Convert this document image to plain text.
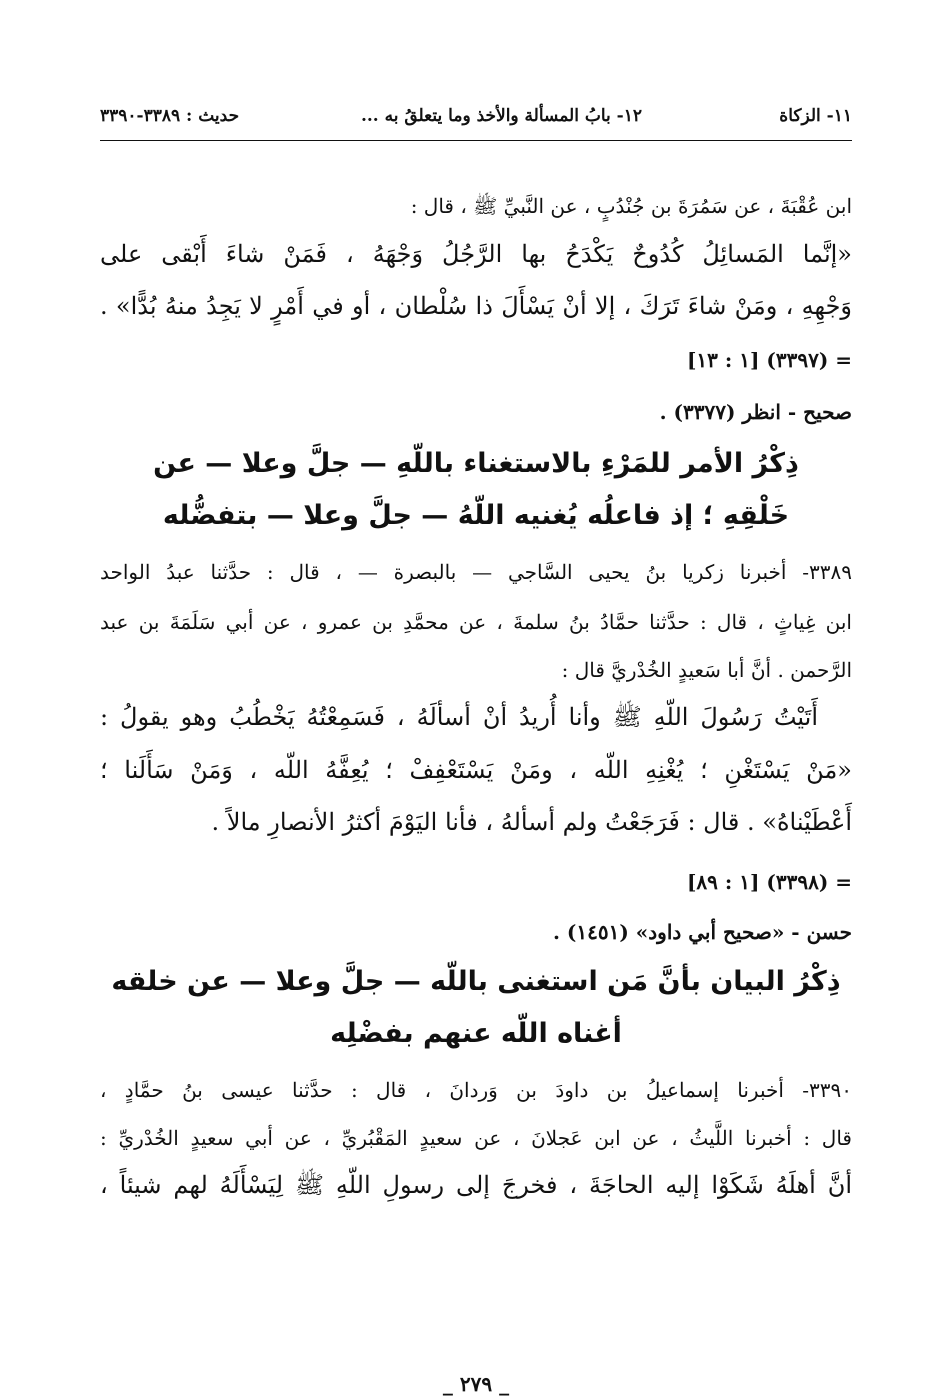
١١- الزكاة
١٢- بابُ المسألة والأخذ وما يتعلقُ به ...
حديث : ٣٣٨٩-٣٣٩٠
ابن عُقْبَةَ ، عن سَمُرَةَ بن جُنْدُبٍ ، عن النَّبيِّ ﷺ ، قال :
«إنَّما المَسائِلُ كُدُوحٌ يَكْدَحُ بها الرَّجُلُ وَجْهَهُ ، فَمَنْ شاءَ أَبْقى على
وَجْهِهِ ، ومَنْ شاءَ تَرَكَ ، إلا أنْ يَسْأَلَ ذا سُلْطان ، أو في أَمْرٍ لا يَجِدُ منهُ بُدًّا» .
= (٣٣٩٧) [١ : ١٣]
صحيح - انظر (٣٣٧٧) .
ذِكْرُ الأمر للمَرْءِ بالاستغناء باللّهِ — جلَّ وعلا — عن
خَلْقِهِ ؛ إذ فاعلُه يُغنيه اللّهُ — جلَّ وعلا — بتفضُّله
٣٣٨٩- أخبرنا زكريا بنُ يحيى السَّاجي — بالبصرة — ، قال : حدَّثنا عبدُ الواحد
ابن غِياثٍ ، قال : حدَّثنا حمَّادُ بنُ سلمةَ ، عن محمَّدِ بن عمرو ، عن أبي سَلَمَةَ بن عبد
الرَّحمن . أنَّ أبا سَعيدٍ الخُدْريَّ قال :
أَتَيْتُ رَسُولَ اللّهِ ﷺ وأنا أُريدُ أنْ أسألَهُ ، فَسَمِعْتُهُ يَخْطُبُ وهو يقولُ :
«مَنْ يَسْتَغْنِ ؛ يُغْنِهِ اللّه ، ومَنْ يَسْتَعْفِفْ ؛ يُعِفَّهُ اللّه ، وَمَنْ سَأَلَنا ؛
أَعْطَيْناهُ» . قال : فَرَجَعْتُ ولم أسألهُ ، فأنا اليَوْمَ أكثرُ الأنصارِ مالاً .
= (٣٣٩٨) [١ : ٨٩]
حسن - «صحيح أبي داود» (١٤٥١) .
ذِكْرُ البيان بأنَّ مَن استغنى باللّه — جلَّ وعلا — عن خلقه
أغناه اللّه عنهم بفضْلِه
٣٣٩٠- أخبرنا إسماعيلُ بن داودَ بن وَردانَ ، قال : حدَّثنا عيسى بنُ حمَّادٍ ،
قال : أخبرنا اللَّيثُ ، عن ابن عَجلانَ ، عن سعيدٍ المَقْبُريِّ ، عن أبي سعيدٍ الخُدْريِّ :
أنَّ أهلَهُ شَكَوْا إليه الحاجَةَ ، فخرجَ إلى رسولِ اللّهِ ﷺ لِيَسْأَلَهُ لهم شيئاً ،
_ ٢٧٩ _
